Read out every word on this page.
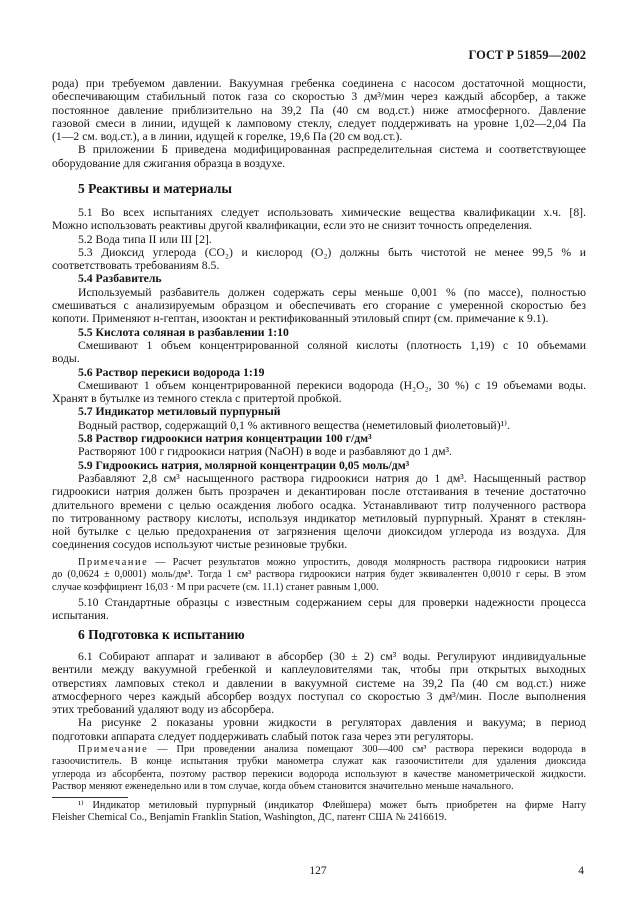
ГОСТ Р 51859—2002
рода) при требуемом давлении. Вакуумная гребенка соединена с насосом достаточной мощности,
обеспечивающим стабильный поток газа со скоростью 3 дм³/мин через каждый абсорбер, а также
постоянное давление приблизительно на 39,2 Па (40 см вод.ст.) ниже атмосферного. Давление
газовой смеси в линии, идущей к ламповому стеклу, следует поддерживать на уровне 1,02—2,04 Па
(1—2 см. вод.ст.), а в линии, идущей к горелке, 19,6 Па (20 см вод.ст.).
В приложении Б приведена модифицированная распределительная система и соответствующее
оборудование для сжигания образца в воздухе.
5 Реактивы и материалы
5.1 Во всех испытаниях следует использовать химические вещества квалификации х.ч. [8].
Можно использовать реактивы другой квалификации, если это не снизит точность определения.
5.2 Вода типа II или III [2].
5.3 Диоксид углерода (CO₂) и кислород (O₂) должны быть чистотой не менее 99,5 % и
соответствовать требованиям 8.5.
5.4 Разбавитель
Используемый разбавитель должен содержать серы меньше 0,001 % (по массе), полностью
смешиваться с анализируемым образцом и обеспечивать его сгорание с умеренной скоростью без
копоти. Применяют н-гептан, изооктан и ректификованный этиловый спирт (см. примечание к 9.1).
5.5 Кислота соляная в разбавлении 1:10
Смешивают 1 объем концентрированной соляной кислоты (плотность 1,19) с 10 объемами
воды.
5.6 Раствор перекиси водорода 1:19
Смешивают 1 объем концентрированной перекиси водорода (H₂O₂, 30 %) с 19 объемами воды.
Хранят в бутылке из темного стекла с притертой пробкой.
5.7 Индикатор метиловый пурпурный
Водный раствор, содержащий 0,1 % активного вещества (неметиловый фиолетовый)¹⁾.
5.8 Раствор гидроокиси натрия концентрации 100 г/дм³
Растворяют 100 г гидроокиси натрия (NaOH) в воде и разбавляют до 1 дм³.
5.9 Гидроокись натрия, молярной концентрации 0,05 моль/дм³
Разбавляют 2,8 см³ насыщенного раствора гидроокиси натрия до 1 дм³. Насыщенный раствор
гидроокиси натрия должен быть прозрачен и декантирован после отстаивания в течение достаточно
длительного времени с целью осаждения любого осадка. Устанавливают титр полученного раствора
по титрованному раствору кислоты, используя индикатор метиловый пурпурный. Хранят в стеклян-
ной бутылке с целью предохранения от загрязнения щелочи диоксидом углерода из воздуха. Для
соединения сосудов используют чистые резиновые трубки.
Примечание — Расчет результатов можно упростить, доводя молярность раствора гидроокиси натрия
до (0,0624 ± 0,0001) моль/дм³. Тогда 1 см³ раствора гидроокиси натрия будет эквивалентен 0,0010 г серы. В этом
случае коэффициент 16,03 · M при расчете (см. 11.1) станет равным 1,000.
5.10 Стандартные образцы с известным содержанием серы для проверки надежности процесса
испытания.
6 Подготовка к испытанию
6.1 Собирают аппарат и заливают в абсорбер (30 ± 2) см³ воды. Регулируют индивидуальные
вентили между вакуумной гребенкой и каплеуловителями так, чтобы при открытых выходных
отверстиях ламповых стекол и давлении в вакуумной системе на 39,2 Па (40 см вод.ст.) ниже
атмосферного через каждый абсорбер воздух поступал со скоростью 3 дм³/мин. После выполнения
этих требований удаляют воду из абсорбера.
На рисунке 2 показаны уровни жидкости в регуляторах давления и вакуума; в период
подготовки аппарата следует поддерживать слабый поток газа через эти регуляторы.
Примечание — При проведении анализа помещают 300—400 см³ раствора перекиси водорода в
газоочиститель. В конце испытания трубки манометра служат как газоочистители для удаления диоксида
углерода из абсорбента, поэтому раствор перекиси водорода используют в качестве манометрической жидкости.
Раствор меняют еженедельно или в том случае, когда объем становится значительно меньше начального.
¹⁾ Индикатор метиловый пурпурный (индикатор Флейшера) может быть приобретен на фирме Harry
Fleisher Chemical Co., Benjamin Franklin Station, Washington, ДС, патент США № 2416619.
127	4
